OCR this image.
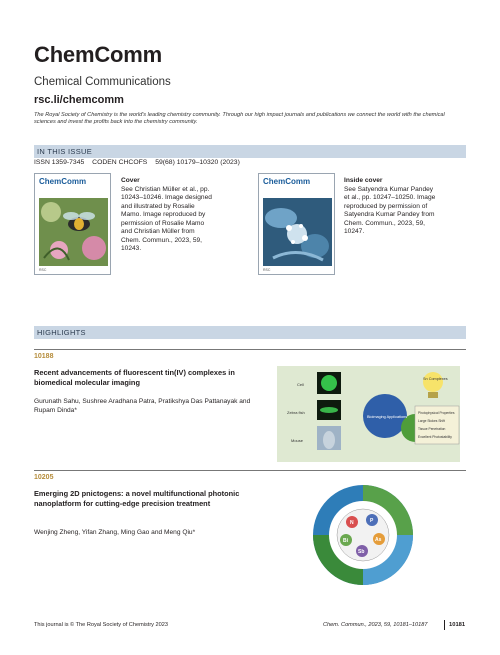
ChemComm
Chemical Communications
rsc.li/chemcomm
The Royal Society of Chemistry is the world's leading chemistry community. Through our high impact journals and publications we connect the world with the chemical sciences and invest the profits back into the chemistry community.
IN THIS ISSUE
ISSN 1359-7345 CODEN CHCOFS 59(68) 10179–10320 (2023)
ChemComm
RSC
Cover
See Christian Müller et al., pp. 10243–10246. Image designed and illustrated by Rosalie Mamo. Image reproduced by permission of Rosalie Mamo and Christian Müller from Chem. Commun., 2023, 59, 10243.
ChemComm
RSC
Inside cover
See Satyendra Kumar Pandey et al., pp. 10247–10250. Image reproduced by permission of Satyendra Kumar Pandey from Chem. Commun., 2023, 59, 10247.
HIGHLIGHTS
10188
Recent advancements of fluorescent tin(IV) complexes in biomedical molecular imaging
Gurunath Sahu, Sushree Aradhana Patra, Pratikshya Das Pattanayak and Rupam Dinda*
Cell
Zebra fish
Mouse
Bioimaging Applications
Sn Complexes
Photophysical Properties
Large Stokes Shift
Tissue Penetration
Excellent Photostability
10205
Emerging 2D pnictogens: a novel multifunctional photonic nanoplatform for cutting-edge precision treatment
Wenjing Zheng, Yifan Zhang, Ming Gao and Meng Qiu*
N	P
As
Sb
Bi
This journal is © The Royal Society of Chemistry 2023	Chem. Commun., 2023, 59, 10181–10187	10181
